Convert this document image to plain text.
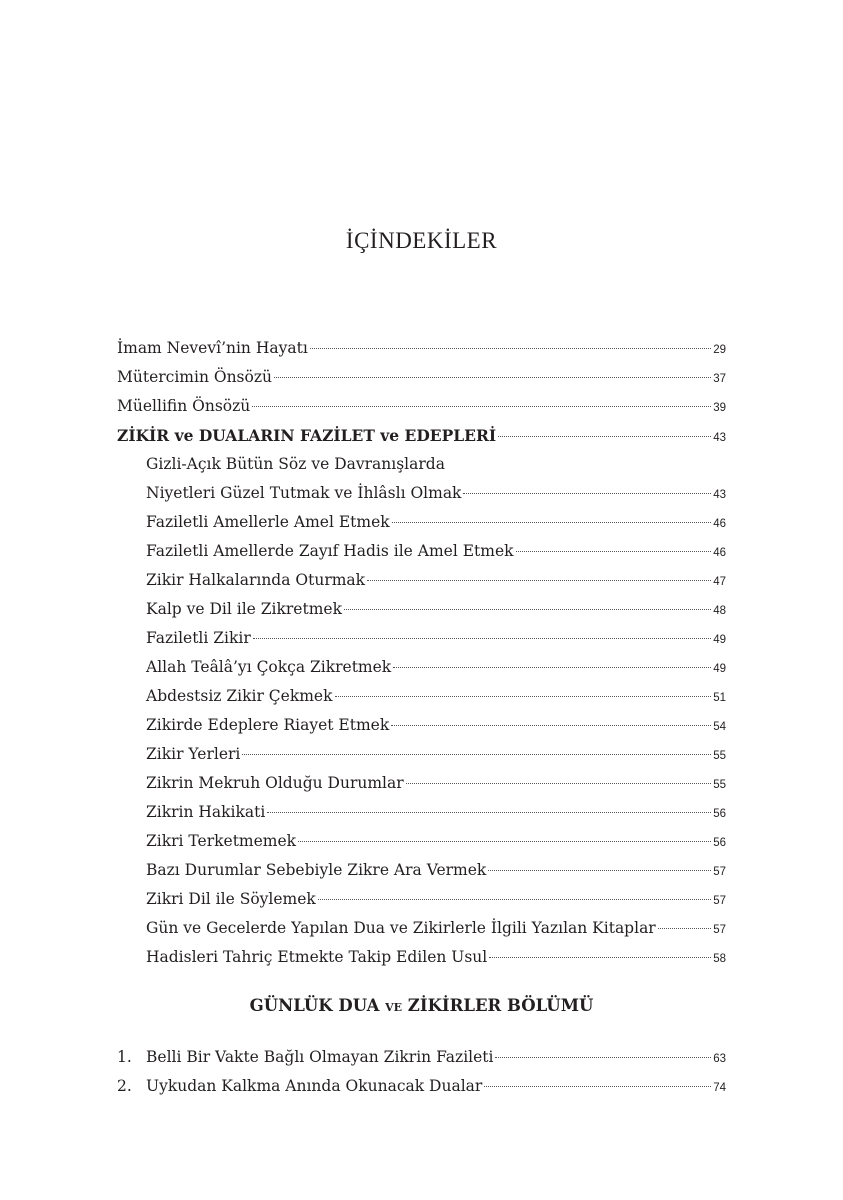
İÇİNDEKİLER
İmam Nevevî’nin Hayatı	29
Mütercimin Önsözü	37
Müellifin Önsözü	39
ZİKİR ve DUALARIN FAZİLET ve EDEPLERİ	43
Gizli-Açık Bütün Söz ve Davranışlarda
Niyetleri Güzel Tutmak ve İhlâslı Olmak	43
Faziletli Amellerle Amel Etmek	46
Faziletli Amellerde Zayıf Hadis ile Amel Etmek	46
Zikir Halkalarında Oturmak	47
Kalp ve Dil ile Zikretmek	48
Faziletli Zikir	49
Allah Teâlâ’yı Çokça Zikretmek	49
Abdestsiz Zikir Çekmek	51
Zikirde Edeplere Riayet Etmek	54
Zikir Yerleri	55
Zikrin Mekruh Olduğu Durumlar	55
Zikrin Hakikati	56
Zikri Terketmemek	56
Bazı Durumlar Sebebiyle Zikre Ara Vermek	57
Zikri Dil ile Söylemek	57
Gün ve Gecelerde Yapılan Dua ve Zikirlerle İlgili Yazılan Kitaplar	57
Hadisleri Tahriç Etmekte Takip Edilen Usul	58
GÜNLÜK DUA VE ZİKİRLER BÖLÜMÜ
1. Belli Bir Vakte Bağlı Olmayan Zikrin Fazileti	63
2. Uykudan Kalkma Anında Okunacak Dualar	74
